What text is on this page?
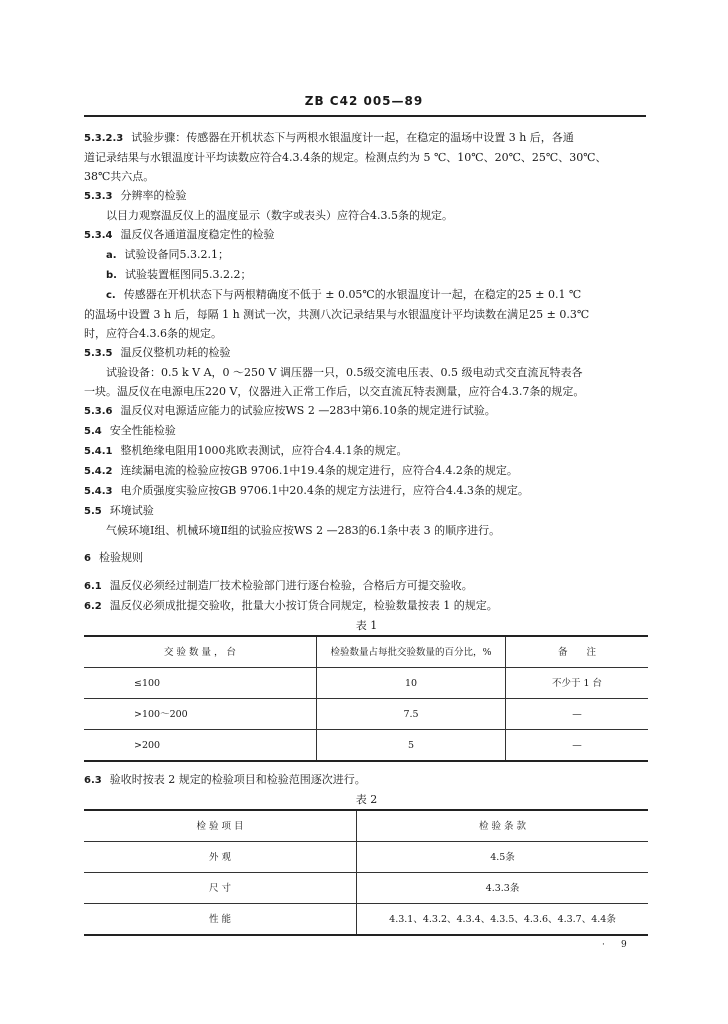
ZB C42 005—89

5.3.2.3 试验步骤：传感器在开机状态下与两根水银温度计一起，在稳定的温场中设置 3 h 后，各通

道记录结果与水银温度计平均读数应符合4.3.4条的规定。检测点约为 5 ℃、10℃、20℃、25℃、30℃、

38℃共六点。

5.3.3 分辨率的检验

以目力观察温反仪上的温度显示（数字或表头）应符合4.3.5条的规定。

5.3.4 温反仪各通道温度稳定性的检验

a. 试验设备同5.3.2.1；

b. 试验装置框图同5.3.2.2；

c. 传感器在开机状态下与两根精确度不低于 ± 0.05℃的水银温度计一起，在稳定的25 ± 0.1 ℃

的温场中设置 3 h 后，每隔 1 h 测试一次，共测八次记录结果与水银温度计平均读数在满足25 ± 0.3℃

时，应符合4.3.6条的规定。

5.3.5 温反仪整机功耗的检验

试验设备：0.5 k V A，0 ～250 V 调压器一只，0.5级交流电压表、0.5 级电动式交直流瓦特表各

一块。温反仪在电源电压220 V，仪器进入正常工作后，以交直流瓦特表测量，应符合4.3.7条的规定。

5.3.6 温反仪对电源适应能力的试验应按WS 2 —283中第6.10条的规定进行试验。

5.4 安全性能检验

5.4.1 整机绝缘电阻用1000兆欧表测试，应符合4.4.1条的规定。

5.4.2 连续漏电流的检验应按GB 9706.1中19.4条的规定进行，应符合4.4.2条的规定。

5.4.3 电介质强度实验应按GB 9706.1中20.4条的规定方法进行，应符合4.4.3条的规定。

5.5 环境试验

气候环境Ⅰ组、机械环境Ⅱ组的试验应按WS 2 —283的6.1条中表 3 的顺序进行。

6 检验规则

6.1 温反仪必须经过制造厂技术检验部门进行逐台检验，合格后方可提交验收。

6.2 温反仪必须成批提交验收，批量大小按订货合同规定，检验数量按表 1 的规定。

表 1

交 验 数 量 ， 台	检验数量占每批交验数量的百分比，%	备　　注
≤100	10	不少于 1 台
>100～200	7.5	—
>200	5	—

6.3 验收时按表 2 规定的检验项目和检验范围逐次进行。

表 2

检 验 项 目	检 验 条 款
外 观	4.5条
尺 寸	4.3.3条
性 能	4.3.1、4.3.2、4.3.4、4.3.5、4.3.6、4.3.7、4.4条
· 9
